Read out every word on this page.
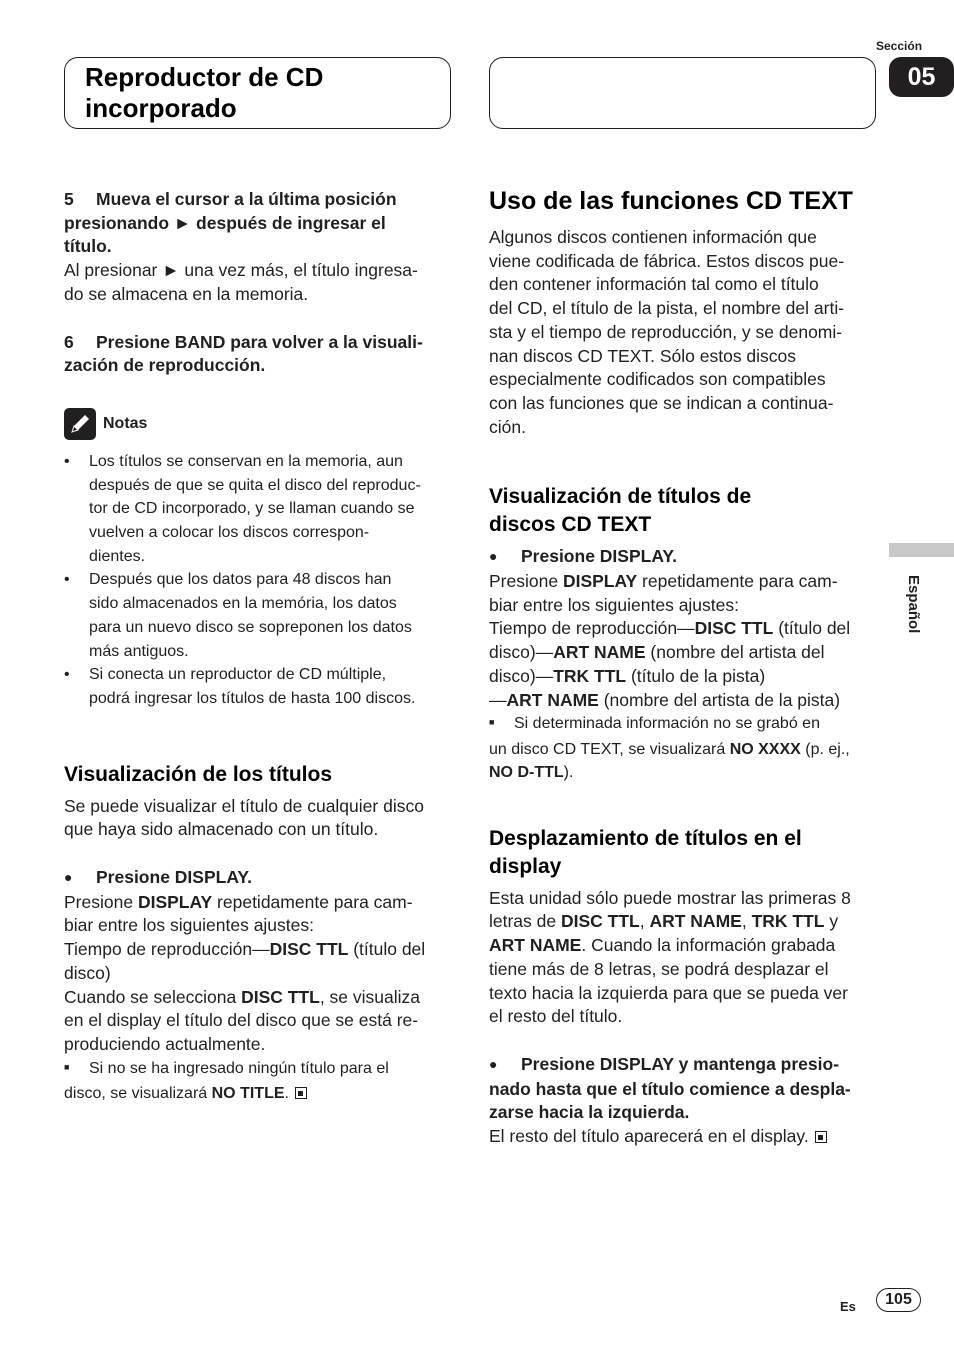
Reproductor de CD
incorporado
Sección
05
Español
5 Mueva el cursor a la última posición
presionando ► después de ingresar el
título.
Al presionar ► una vez más, el título ingresa-
do se almacena en la memoria.
6 Presione BAND para volver a la visuali-
zación de reproducción.
Notas
• Los títulos se conservan en la memoria, aun
después de que se quita el disco del reproduc-
tor de CD incorporado, y se llaman cuando se
vuelven a colocar los discos correspon-
dientes.
• Después que los datos para 48 discos han
sido almacenados en la memória, los datos
para un nuevo disco se sopreponen los datos
más antiguos.
• Si conecta un reproductor de CD múltiple,
podrá ingresar los títulos de hasta 100 discos.
Visualización de los títulos
Se puede visualizar el título de cualquier disco
que haya sido almacenado con un título.
●Presione DISPLAY.
Presione DISPLAY repetidamente para cam-
biar entre los siguientes ajustes:
Tiempo de reproducción—DISC TTL (título del
disco)
Cuando se selecciona DISC TTL, se visualiza
en el display el título del disco que se está re-
produciendo actualmente.
■Si no se ha ingresado ningún título para el
disco, se visualizará NO TITLE.
Uso de las funciones CD TEXT
Algunos discos contienen información que
viene codificada de fábrica. Estos discos pue-
den contener información tal como el título
del CD, el título de la pista, el nombre del arti-
sta y el tiempo de reproducción, y se denomi-
nan discos CD TEXT. Sólo estos discos
especialmente codificados son compatibles
con las funciones que se indican a continua-
ción.
Visualización de títulos de
discos CD TEXT
●Presione DISPLAY.
Presione DISPLAY repetidamente para cam-
biar entre los siguientes ajustes:
Tiempo de reproducción—DISC TTL (título del
disco)—ART NAME (nombre del artista del
disco)—TRK TTL (título de la pista)
—ART NAME (nombre del artista de la pista)
■Si determinada información no se grabó en
un disco CD TEXT, se visualizará NO XXXX (p. ej.,
NO D-TTL).
Desplazamiento de títulos en el
display
Esta unidad sólo puede mostrar las primeras 8
letras de DISC TTL, ART NAME, TRK TTL y
ART NAME. Cuando la información grabada
tiene más de 8 letras, se podrá desplazar el
texto hacia la izquierda para que se pueda ver
el resto del título.
●Presione DISPLAY y mantenga presio-
nado hasta que el título comience a despla-
zarse hacia la izquierda.
El resto del título aparecerá en el display.
Es	105
